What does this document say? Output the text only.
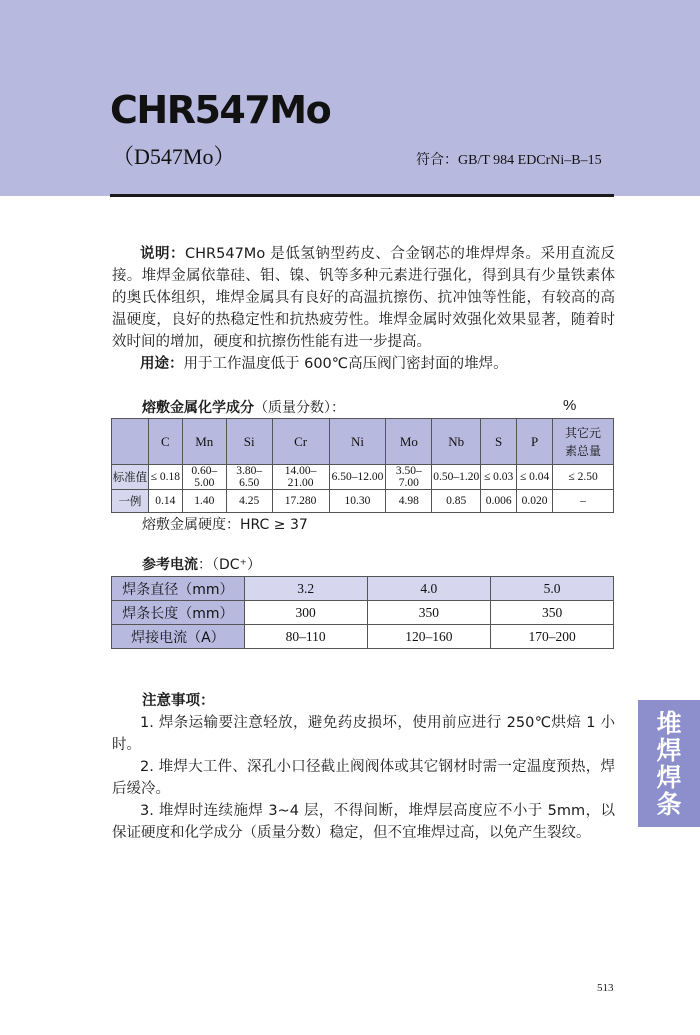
CHR547Mo
（D547Mo）	符合：GB/T 984 EDCrNi–B–15
说明：CHR547Mo 是低氢钠型药皮、合金钢芯的堆焊焊条。采用直流反接。堆焊金属依靠硅、钼、镍、钒等多种元素进行强化，得到具有少量铁素体的奥氏体组织，堆焊金属具有良好的高温抗擦伤、抗冲蚀等性能，有较高的高温硬度，良好的热稳定性和抗热疲劳性。堆焊金属时效强化效果显著，随着时效时间的增加，硬度和抗擦伤性能有进一步提高。
用途：用于工作温度低于 600℃高压阀门密封面的堆焊。
熔敷金属化学成分（质量分数）：	%
	C	Mn	Si	Cr	Ni	Mo	Nb	S	P	其它元素总量
标准值	≤ 0.18	0.60–5.00	3.80–6.50	14.00–21.00	6.50–12.00	3.50–7.00	0.50–1.20	≤ 0.03	≤ 0.04	≤ 2.50
一例	0.14	1.40	4.25	17.280	10.30	4.98	0.85	0.006	0.020	–
熔敷金属硬度：HRC ≥ 37
参考电流：（DC⁺）
焊条直径（mm）	3.2	4.0	5.0
焊条长度（mm）	300	350	350
焊接电流（A）	80–110	120–160	170–200

注意事项：

1. 焊条运输要注意轻放，避免药皮损坏，使用前应进行 250℃烘焙 1 小时。

2. 堆焊大工件、深孔小口径截止阀阀体或其它钢材时需一定温度预热，焊后缓冷。

3. 堆焊时连续施焊 3~4 层，不得间断，堆焊层高度应不小于 5mm，以保证硬度和化学成分（质量分数）稳定，但不宜堆焊过高，以免产生裂纹。

堆焊焊条
513
